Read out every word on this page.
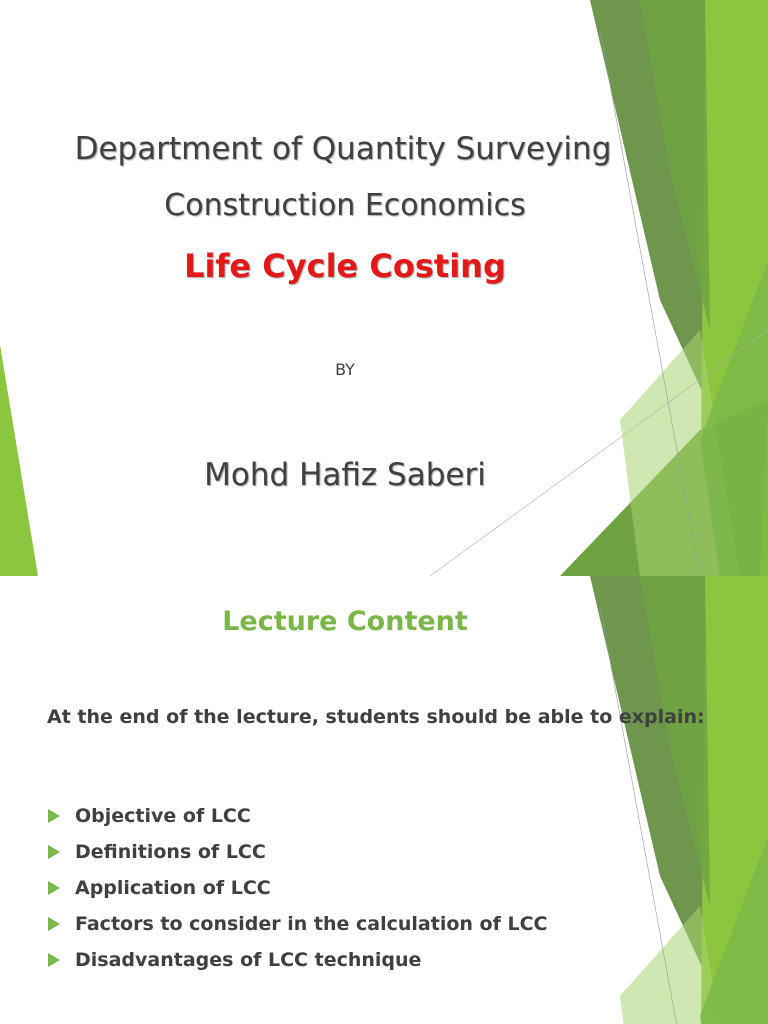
Department of Quantity Surveying
Construction Economics
Life Cycle Costing
BY
Mohd Hafiz Saberi
Lecture Content
At the end of the lecture, students should be able to explain:
Objective of LCC
Definitions of LCC
Application of LCC
Factors to consider in the calculation of LCC
Disadvantages of LCC technique
